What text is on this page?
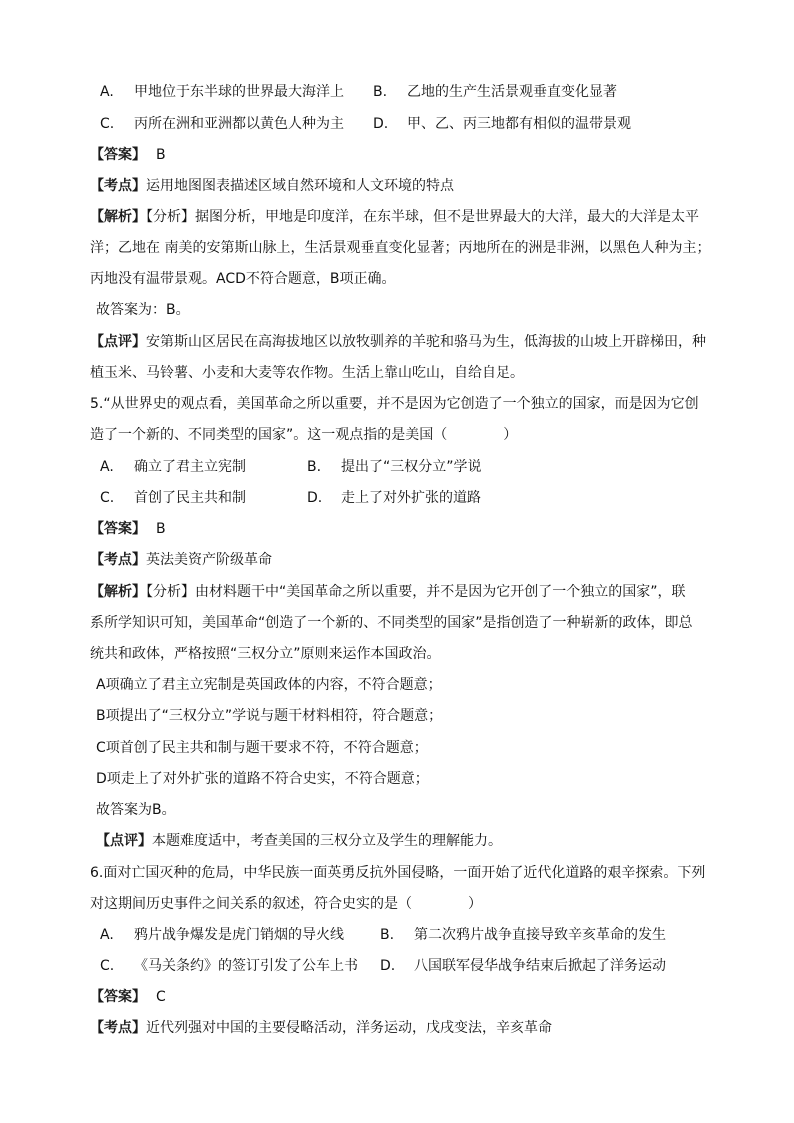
A. 甲地位于东半球的世界最大海洋上 B. 乙地的生产生活景观垂直变化显著
C. 丙所在洲和亚洲都以黄色人种为主 D. 甲、乙、丙三地都有相似的温带景观
【答案】 B
【考点】运用地图图表描述区域自然环境和人文环境的特点
【解析】【分析】据图分析，甲地是印度洋，在东半球，但不是世界最大的大洋，最大的大洋是太平
洋；乙地在 南美的安第斯山脉上，生活景观垂直变化显著；丙地所在的洲是非洲，以黑色人种为主；
丙地没有温带景观。ACD不符合题意，B项正确。
故答案为：B。
【点评】安第斯山区居民在高海拔地区以放牧驯养的羊驼和骆马为生，低海拔的山坡上开辟梯田，种
植玉米、马铃薯、小麦和大麦等农作物。生活上靠山吃山，自给自足。
5.“从世界史的观点看，美国革命之所以重要，并不是因为它创造了一个独立的国家，而是因为它创
造了一个新的、不同类型的国家”。这一观点指的是美国（　　　　）
A. 确立了君主立宪制	B. 提出了“三权分立”学说
C. 首创了民主共和制	D. 走上了对外扩张的道路
【答案】 B
【考点】英法美资产阶级革命
【解析】【分析】由材料题干中“美国革命之所以重要，并不是因为它开创了一个独立的国家”，联
系所学知识可知，美国革命“创造了一个新的、不同类型的国家”是指创造了一种崭新的政体，即总
统共和政体，严格按照“三权分立”原则来运作本国政治。
A项确立了君主立宪制是英国政体的内容，不符合题意；
B项提出了“三权分立”学说与题干材料相符，符合题意；
C项首创了民主共和制与题干要求不符，不符合题意；
D项走上了对外扩张的道路不符合史实，不符合题意；
故答案为B。
【点评】本题难度适中，考查美国的三权分立及学生的理解能力。
6.面对亡国灭种的危局，中华民族一面英勇反抗外国侵略，一面开始了近代化道路的艰辛探索。下列
对这期间历史事件之间关系的叙述，符合史实的是（　　　　）
A. 鸦片战争爆发是虎门销烟的导火线	B. 第二次鸦片战争直接导致辛亥革命的发生
C. 《马关条约》的签订引发了公车上书 D. 八国联军侵华战争结束后掀起了洋务运动
【答案】 C
【考点】近代列强对中国的主要侵略活动，洋务运动，戊戌变法，辛亥革命
